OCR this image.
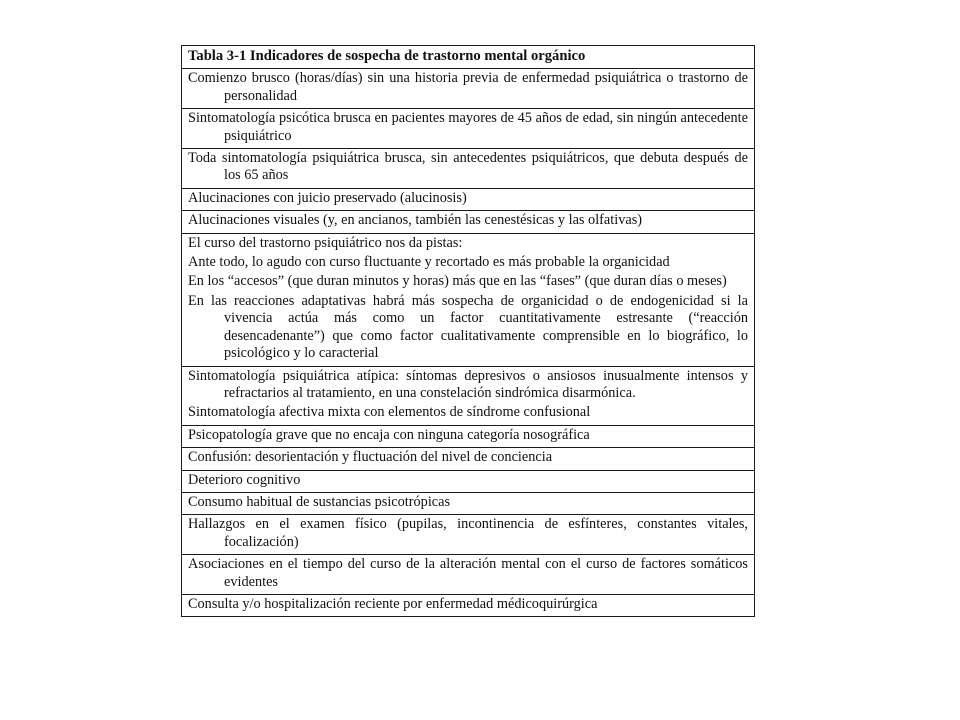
Tabla 3-1 Indicadores de sospecha de trastorno mental orgánico
Comienzo brusco (horas/días) sin una historia previa de enfermedad psiquiátrica o trastorno de personalidad
Sintomatología psicótica brusca en pacientes mayores de 45 años de edad, sin ningún antecedente psiquiátrico
Toda sintomatología psiquiátrica brusca, sin antecedentes psiquiátricos, que debuta después de los 65 años
Alucinaciones con juicio preservado (alucinosis)
Alucinaciones visuales (y, en ancianos, también las cenestésicas y las olfativas)
El curso del trastorno psiquiátrico nos da pistas:
Ante todo, lo agudo con curso fluctuante y recortado es más probable la organicidad
En los “accesos” (que duran minutos y horas) más que en las “fases” (que duran días o meses)
En las reacciones adaptativas habrá más sospecha de organicidad o de endogenicidad si la vivencia actúa más como un factor cuantitativamente estresante (“reacción desencadenante”) que como factor cualitativamente comprensible en lo biográfico, lo psicológico y lo caracterial
Sintomatología psiquiátrica atípica: síntomas depresivos o ansiosos inusualmente intensos y refractarios al tratamiento, en una constelación sindrómica disarmónica.
Sintomatología afectiva mixta con elementos de síndrome confusional
Psicopatología grave que no encaja con ninguna categoría nosográfica
Confusión: desorientación y fluctuación del nivel de conciencia
Deterioro cognitivo
Consumo habitual de sustancias psicotrópicas
Hallazgos en el examen físico (pupilas, incontinencia de esfínteres, constantes vitales, focalización)
Asociaciones en el tiempo del curso de la alteración mental con el curso de factores somáticos evidentes
Consulta y/o hospitalización reciente por enfermedad médicoquirúrgica
